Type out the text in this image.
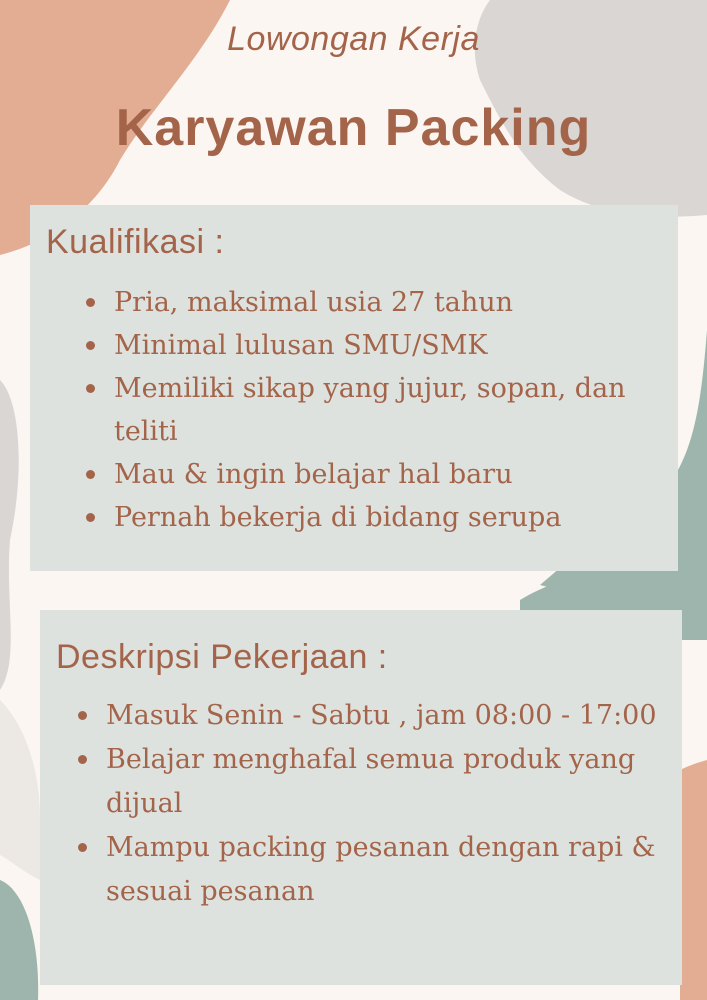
Lowongan Kerja
Karyawan Packing
Kualifikasi :
Pria, maksimal usia 27 tahun
Minimal lulusan SMU/SMK
Memiliki sikap yang jujur, sopan, dan teliti
Mau & ingin belajar hal baru
Pernah bekerja di bidang serupa
Deskripsi Pekerjaan :
Masuk Senin - Sabtu , jam 08:00 - 17:00
Belajar menghafal semua produk yang dijual
Mampu packing pesanan dengan rapi & sesuai pesanan
